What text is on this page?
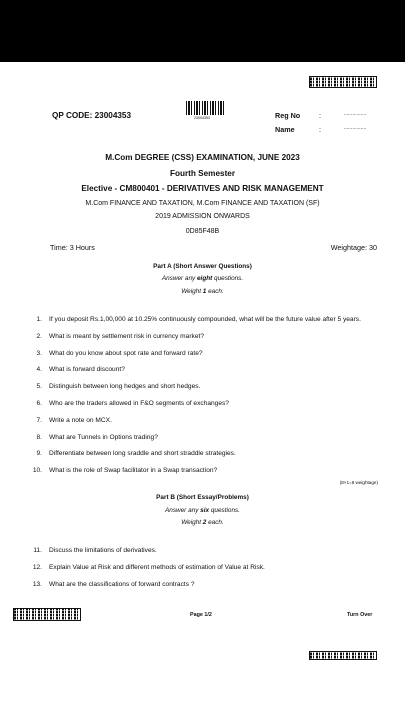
QP CODE: 23004353	23004353	Reg No	:	................
Name	:	................
M.Com DEGREE (CSS) EXAMINATION, JUNE 2023
Fourth Semester
Elective - CM800401 - DERIVATIVES AND RISK MANAGEMENT
M.Com FINANCE AND TAXATION, M.Com FINANCE AND TAXATION (SF)
2019 ADMISSION ONWARDS
0D85F48B
Time: 3 Hours	Weightage: 30
Part A (Short Answer Questions)
Answer any eight questions.
Weight 1 each.
1. If you deposit Rs.1,00,000 at 10.25% continuously compounded, what will be the future value after 5 years.
2. What is meant by settlement risk in currency market?
3. What do you know about spot rate and forward rate?
4. What is forward discount?
5. Distinguish between long hedges and short hedges.
6. Who are the traders allowed in F&O segments of exchanges?
7. Write a note on MCX.
8. What are Tunnels in Options trading?
9. Differentiate between long sraddle and short straddle strategies.
10. What is the role of Swap facilitator in a Swap transaction?
(8×1=8 weightage)
Part B (Short Essay/Problems)
Answer any six questions.
Weight 2 each.
11. Discuss the limitations of derivatives.
12. Explain Value at Risk and different methods of estimation of Value at Risk.
13. What are the classifications of forward contracts ?
Page 1/2	Turn Over
